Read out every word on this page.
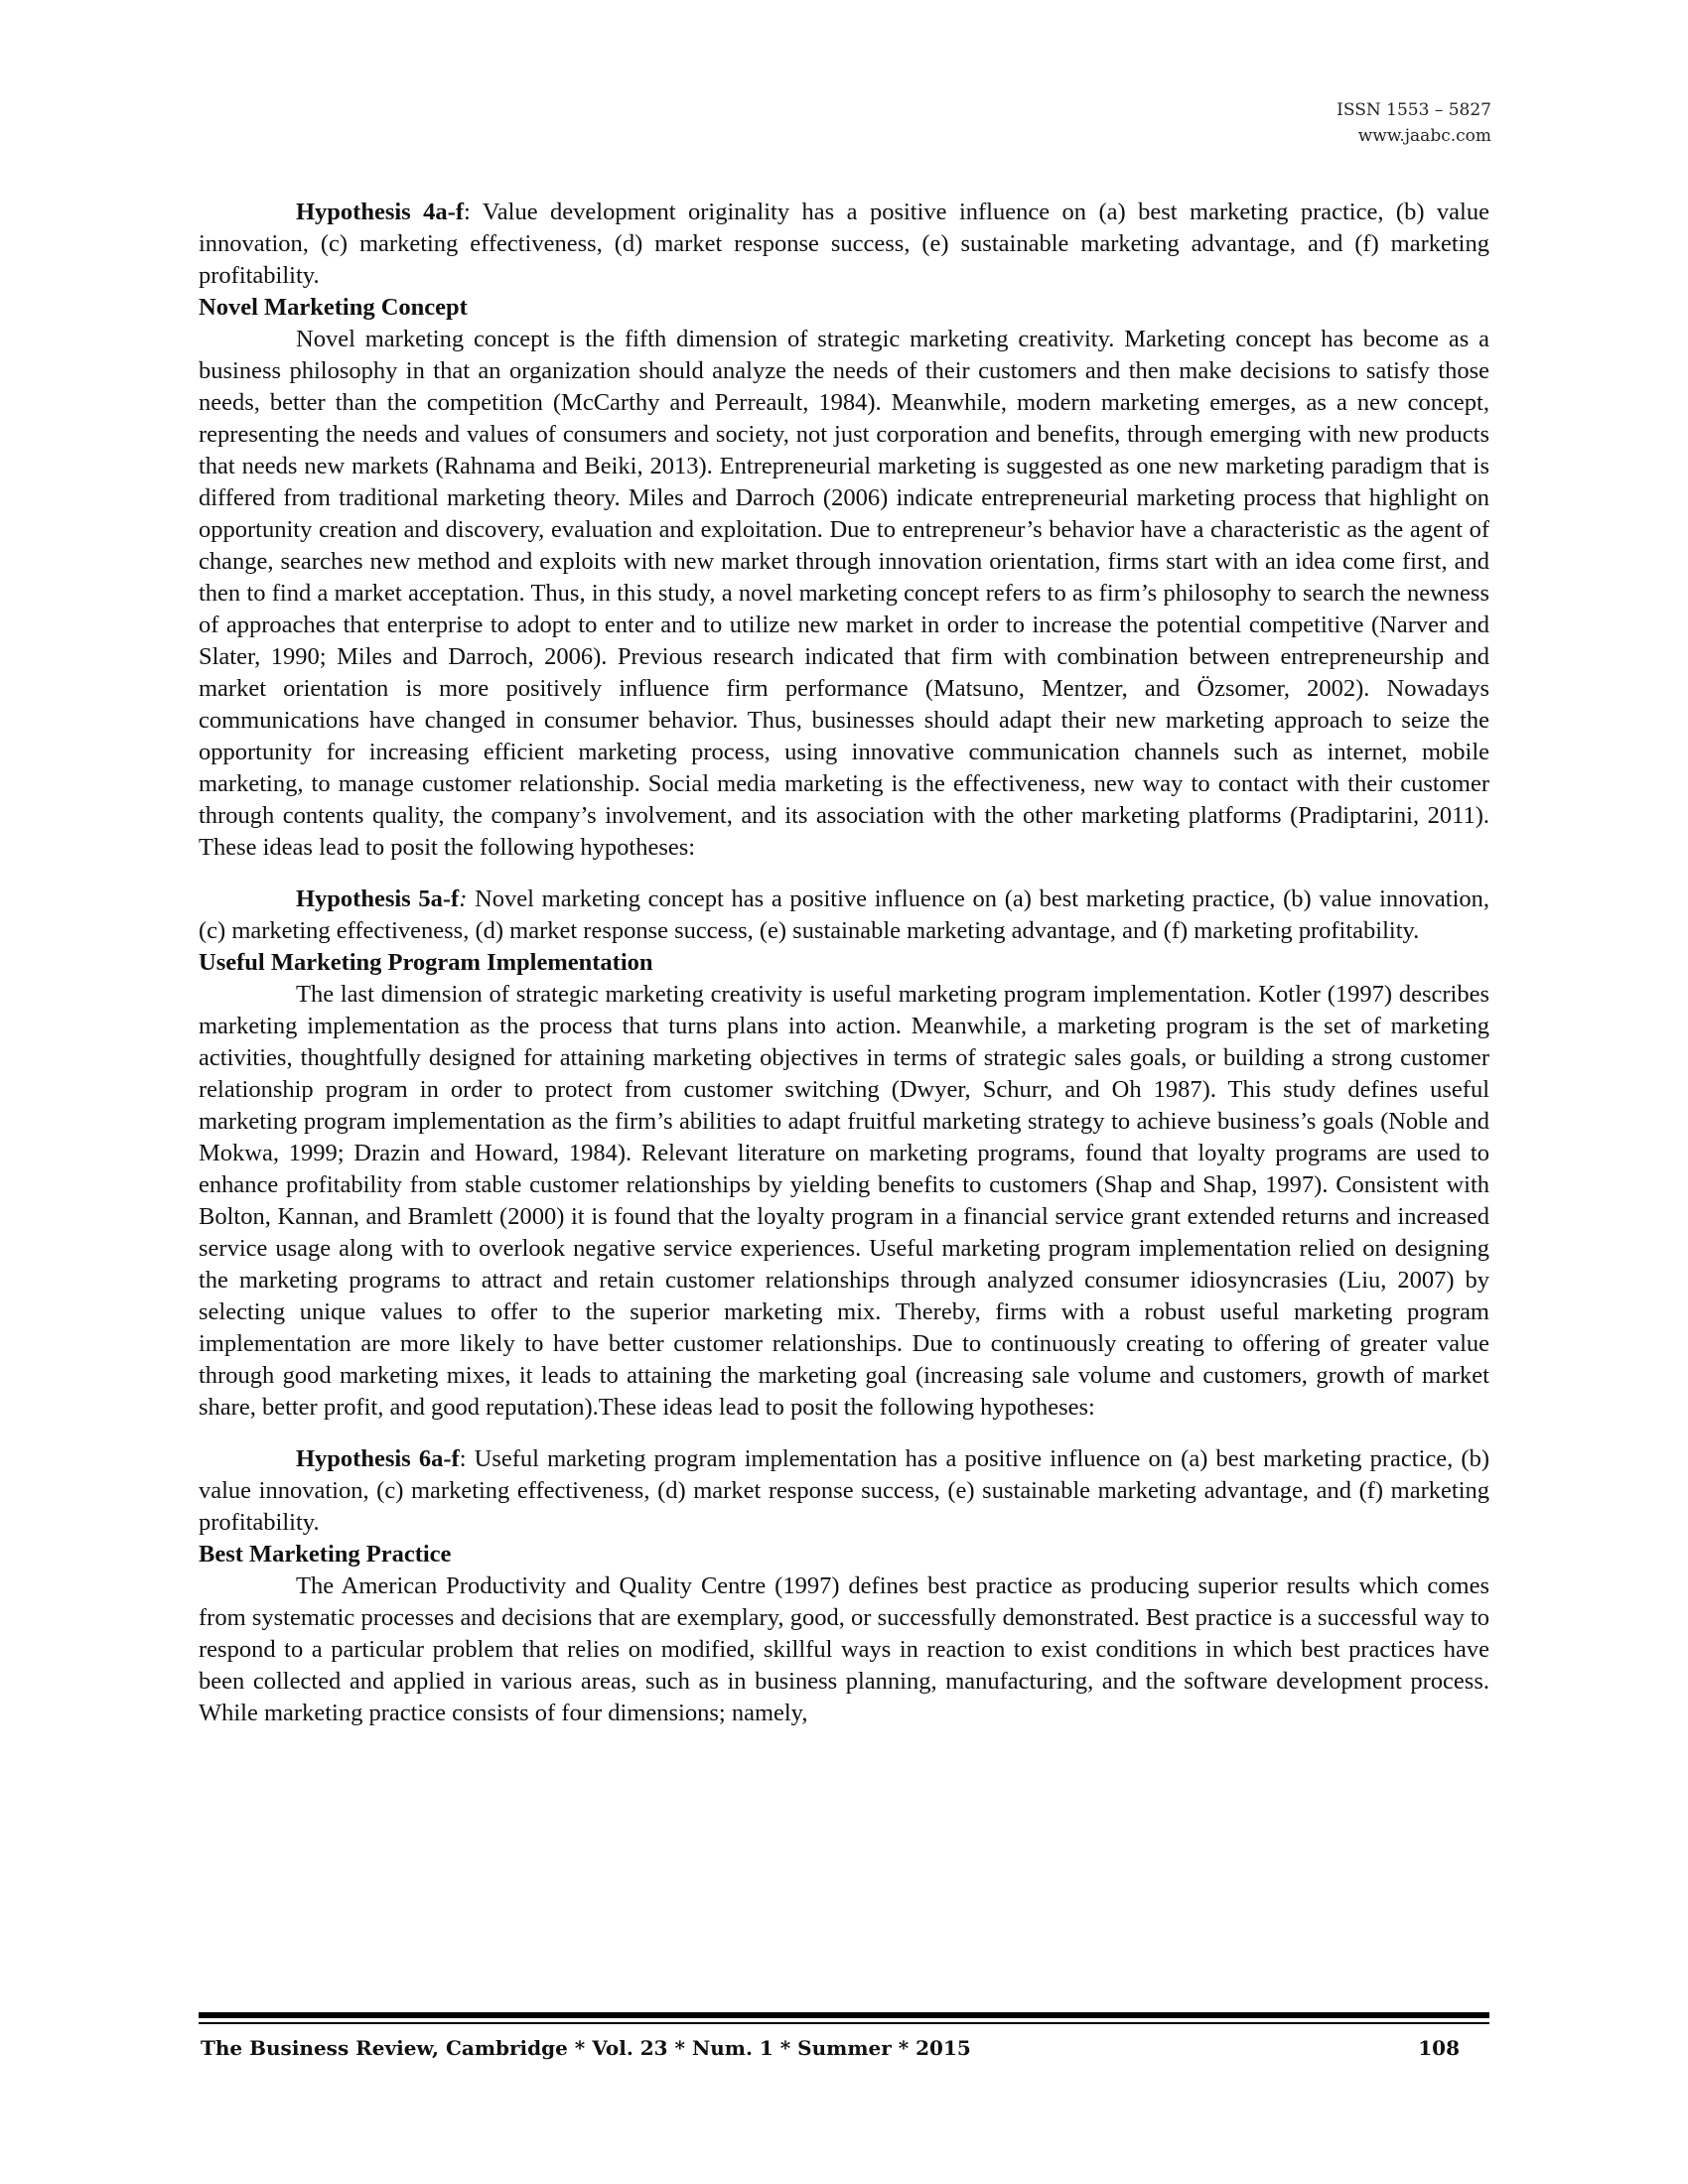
ISSN 1553 – 5827
www.jaabc.com

Hypothesis 4a-f: Value development originality has a positive influence on (a) best marketing practice, (b) value innovation, (c) marketing effectiveness, (d) market response success, (e) sustainable marketing advantage, and (f) marketing profitability.

Novel Marketing Concept

Novel marketing concept is the fifth dimension of strategic marketing creativity. Marketing concept has become as a business philosophy in that an organization should analyze the needs of their customers and then make decisions to satisfy those needs, better than the competition (McCarthy and Perreault, 1984). Meanwhile, modern marketing emerges, as a new concept, representing the needs and values of consumers and society, not just corporation and benefits, through emerging with new products that needs new markets (Rahnama and Beiki, 2013). Entrepreneurial marketing is suggested as one new marketing paradigm that is differed from traditional marketing theory. Miles and Darroch (2006) indicate entrepreneurial marketing process that highlight on opportunity creation and discovery, evaluation and exploitation. Due to entrepreneur’s behavior have a characteristic as the agent of change, searches new method and exploits with new market through innovation orientation, firms start with an idea come first, and then to find a market acceptation. Thus, in this study, a novel marketing concept refers to as firm’s philosophy to search the newness of approaches that enterprise to adopt to enter and to utilize new market in order to increase the potential competitive (Narver and Slater, 1990; Miles and Darroch, 2006). Previous research indicated that firm with combination between entrepreneurship and market orientation is more positively influence firm performance (Matsuno, Mentzer, and Özsomer, 2002). Nowadays communications have changed in consumer behavior. Thus, businesses should adapt their new marketing approach to seize the opportunity for increasing efficient marketing process, using innovative communication channels such as internet, mobile marketing, to manage customer relationship. Social media marketing is the effectiveness, new way to contact with their customer through contents quality, the company’s involvement, and its association with the other marketing platforms (Pradiptarini, 2011). These ideas lead to posit the following hypotheses:

Hypothesis 5a-f: Novel marketing concept has a positive influence on (a) best marketing practice, (b) value innovation, (c) marketing effectiveness, (d) market response success, (e) sustainable marketing advantage, and (f) marketing profitability.

Useful Marketing Program Implementation

The last dimension of strategic marketing creativity is useful marketing program implementation. Kotler (1997) describes marketing implementation as the process that turns plans into action. Meanwhile, a marketing program is the set of marketing activities, thoughtfully designed for attaining marketing objectives in terms of strategic sales goals, or building a strong customer relationship program in order to protect from customer switching (Dwyer, Schurr, and Oh 1987). This study defines useful marketing program implementation as the firm’s abilities to adapt fruitful marketing strategy to achieve business’s goals (Noble and Mokwa, 1999; Drazin and Howard, 1984). Relevant literature on marketing programs, found that loyalty programs are used to enhance profitability from stable customer relationships by yielding benefits to customers (Shap and Shap, 1997). Consistent with Bolton, Kannan, and Bramlett (2000) it is found that the loyalty program in a financial service grant extended returns and increased service usage along with to overlook negative service experiences. Useful marketing program implementation relied on designing the marketing programs to attract and retain customer relationships through analyzed consumer idiosyncrasies (Liu, 2007) by selecting unique values to offer to the superior marketing mix. Thereby, firms with a robust useful marketing program implementation are more likely to have better customer relationships. Due to continuously creating to offering of greater value through good marketing mixes, it leads to attaining the marketing goal (increasing sale volume and customers, growth of market share, better profit, and good reputation).These ideas lead to posit the following hypotheses:

Hypothesis 6a-f: Useful marketing program implementation has a positive influence on (a) best marketing practice, (b) value innovation, (c) marketing effectiveness, (d) market response success, (e) sustainable marketing advantage, and (f) marketing profitability.

Best Marketing Practice

The American Productivity and Quality Centre (1997) defines best practice as producing superior results which comes from systematic processes and decisions that are exemplary, good, or successfully demonstrated. Best practice is a successful way to respond to a particular problem that relies on modified, skillful ways in reaction to exist conditions in which best practices have been collected and applied in various areas, such as in business planning, manufacturing, and the software development process. While marketing practice consists of four dimensions; namely,

The Business Review, Cambridge * Vol. 23 * Num. 1 * Summer * 2015	108
